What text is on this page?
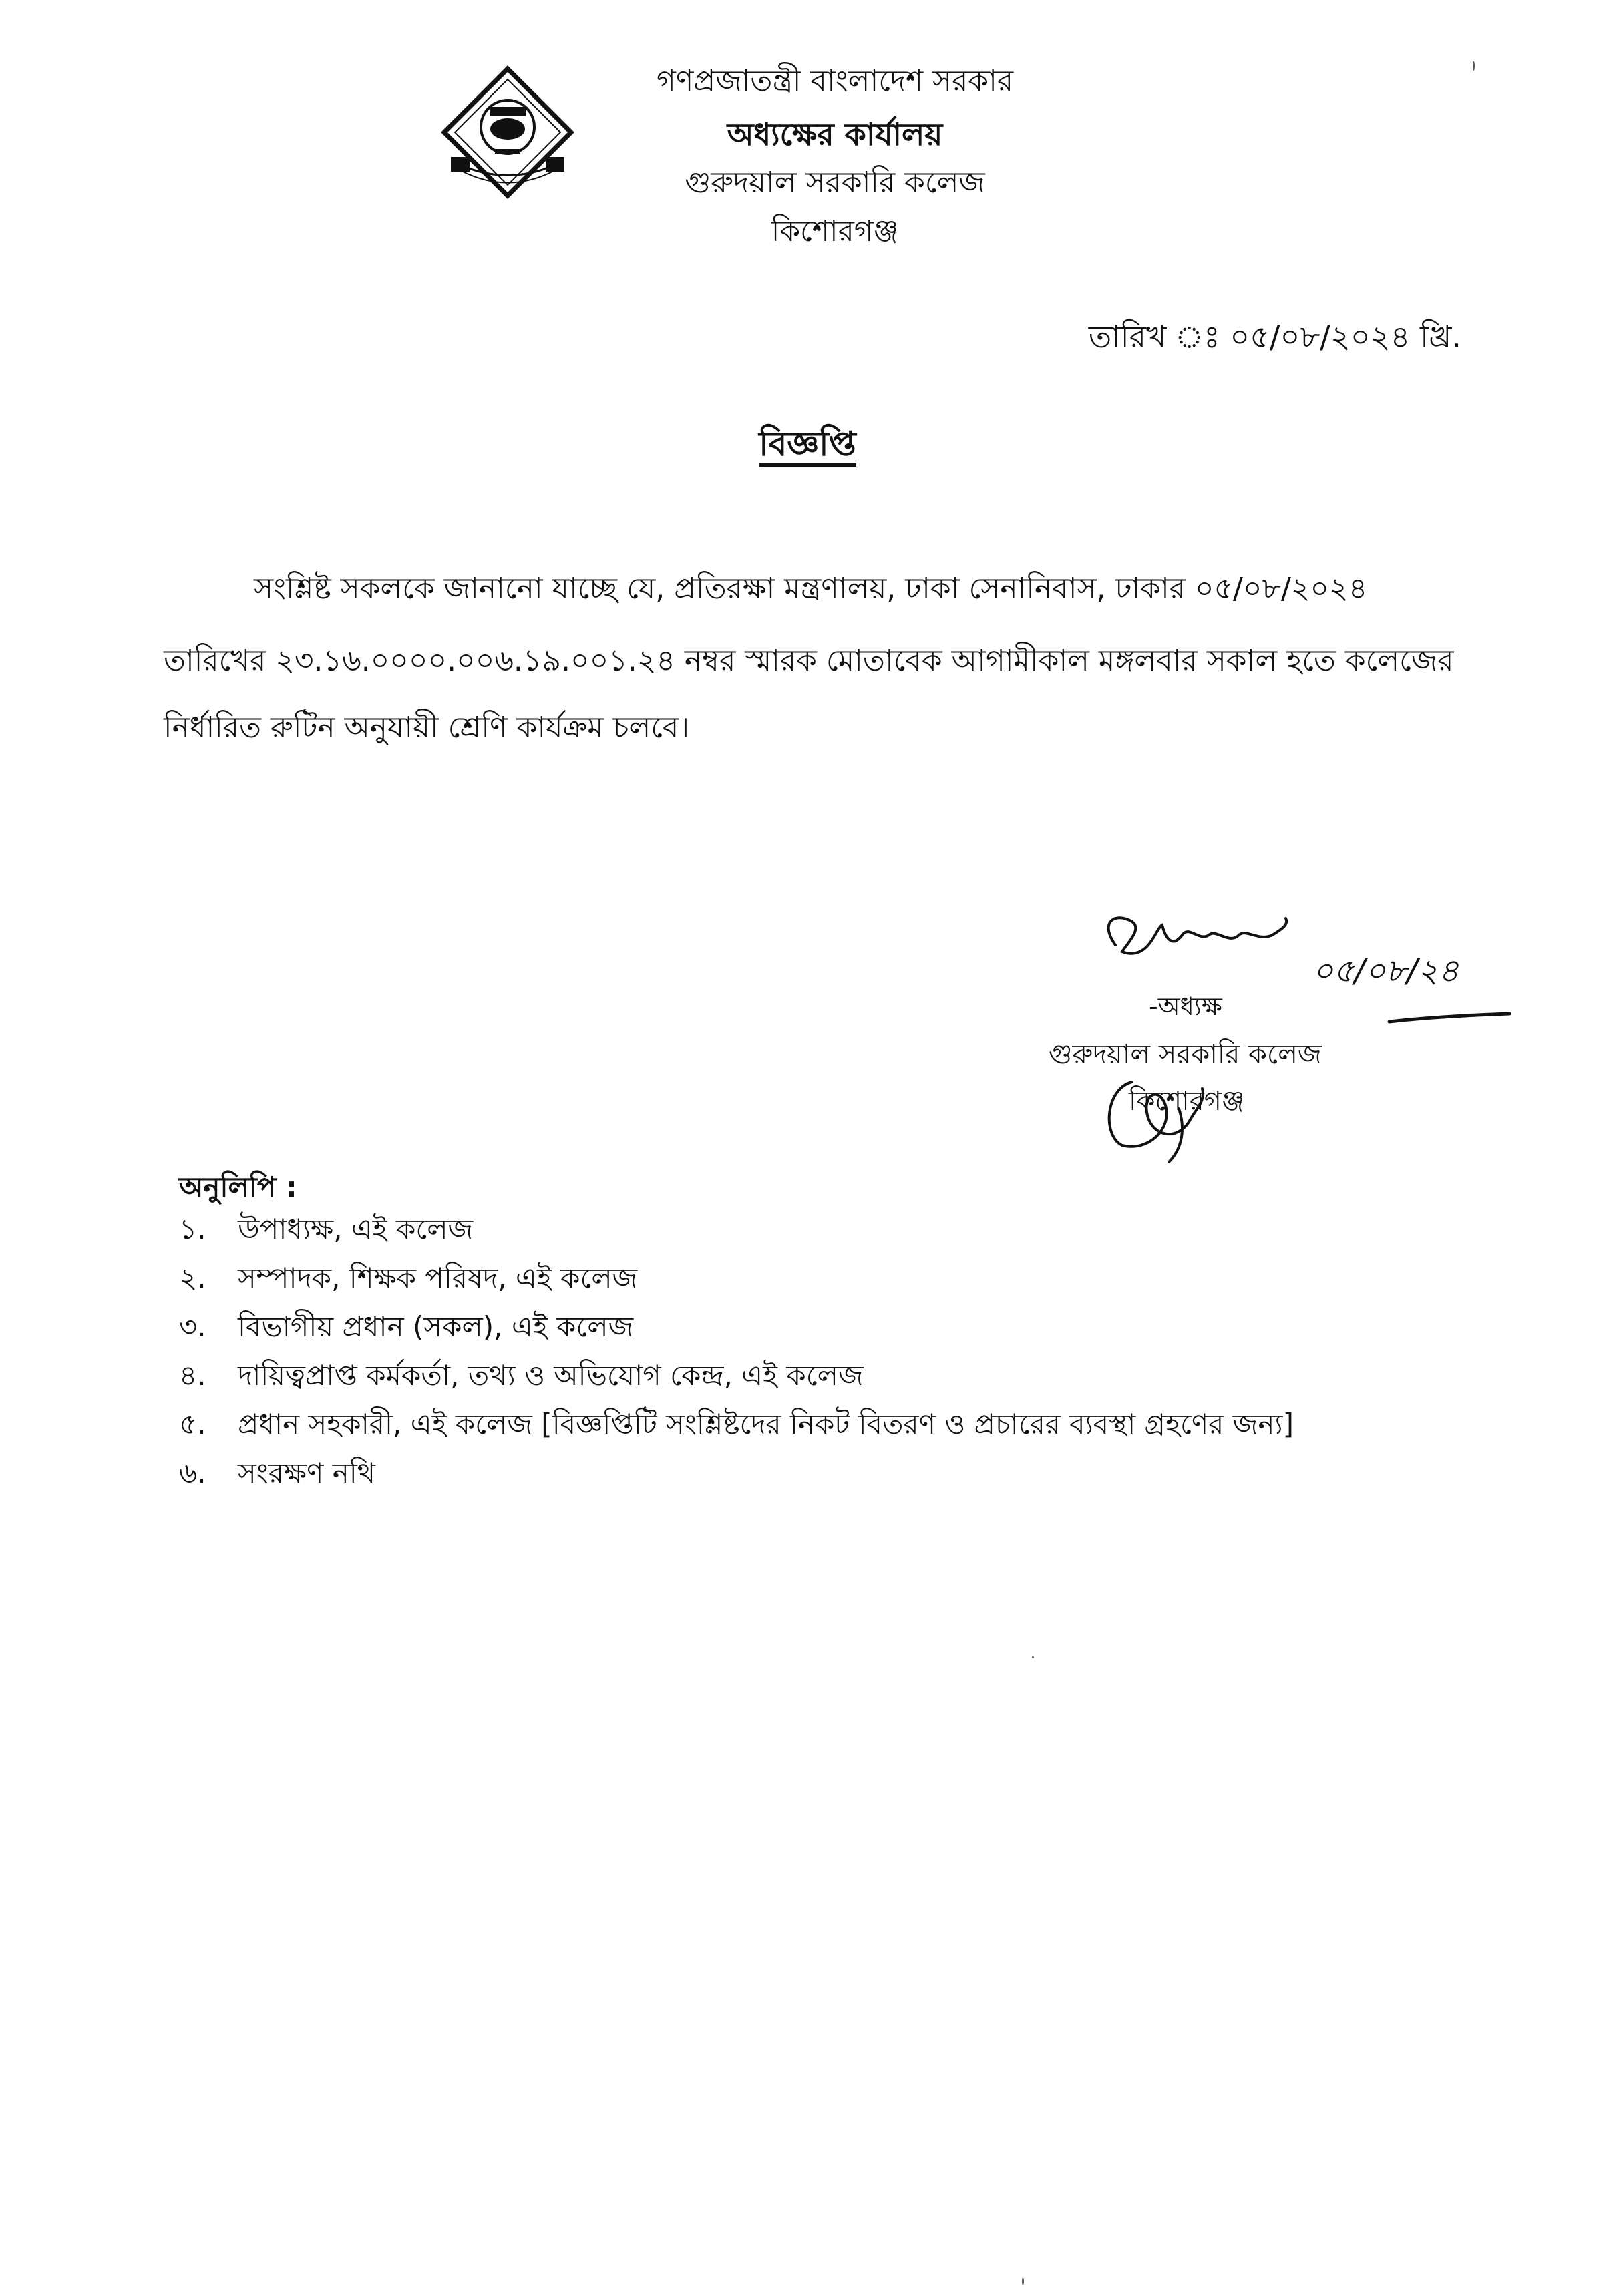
গণপ্রজাতন্ত্রী বাংলাদেশ সরকার
অধ্যক্ষের কার্যালয়
গুরুদয়াল সরকারি কলেজ
কিশোরগঞ্জ
তারিখ ঃ ০৫/০৮/২০২৪ খ্রি.
বিজ্ঞপ্তি
সংশ্লিষ্ট সকলকে জানানো যাচ্ছে যে, প্রতিরক্ষা মন্ত্রণালয়, ঢাকা সেনানিবাস, ঢাকার ০৫/০৮/২০২৪
তারিখের ২৩.১৬.০০০০.০০৬.১৯.০০১.২৪ নম্বর স্মারক মোতাবেক আগামীকাল মঙ্গলবার সকাল হতে কলেজের
নির্ধারিত রুটিন অনুযায়ী শ্রেণি কার্যক্রম চলবে।
০৫/০৮/২৪
-অধ্যক্ষ
গুরুদয়াল সরকারি কলেজ
কিশোরগঞ্জ
অনুলিপি :
১. উপাধ্যক্ষ, এই কলেজ
২. সম্পাদক, শিক্ষক পরিষদ, এই কলেজ
৩. বিভাগীয় প্রধান (সকল), এই কলেজ
৪. দায়িত্বপ্রাপ্ত কর্মকর্তা, তথ্য ও অভিযোগ কেন্দ্র, এই কলেজ
৫. প্রধান সহকারী, এই কলেজ [বিজ্ঞপ্তিটি সংশ্লিষ্টদের নিকট বিতরণ ও প্রচারের ব্যবস্থা গ্রহণের জন্য]
৬. সংরক্ষণ নথি
